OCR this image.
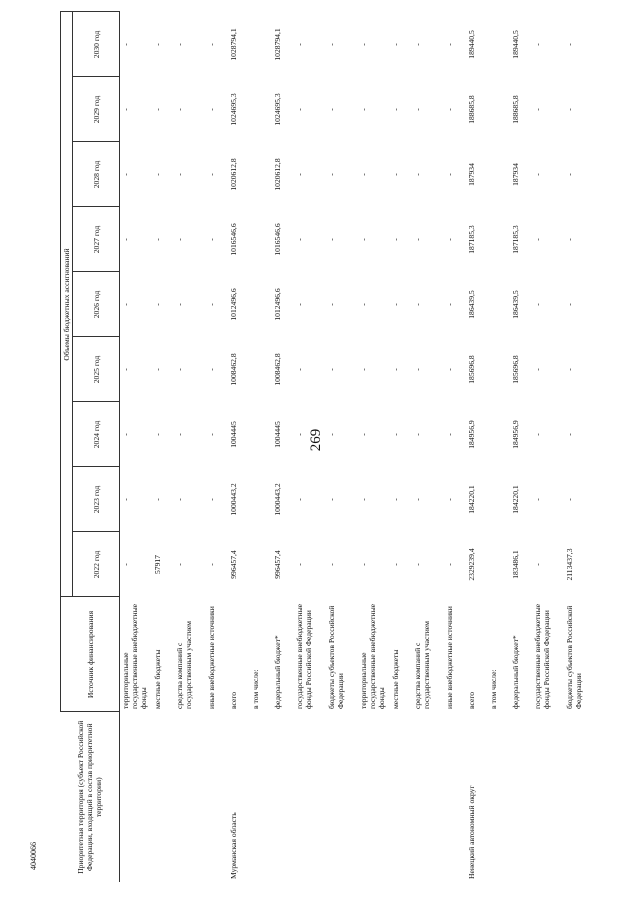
269
4040066	Приоритетная территория (субъект Российской Федерации, входящий в состав приоритетной территории)	Источник финансирования	Объемы бюджетных ассигнований								
		2022 год	2023 год	2024 год	2025 год	2026 год	2027 год	2028 год	2029 год	2030 год
	территориальные государственные внебюджетные фонды	-	-	-	-	-	-	-	-	-
	местные бюджеты	57917	-	-	-	-	-	-	-	-
	средства компаний с государственным участием	-	-	-	-	-	-	-	-	-
	иные внебюджетные источники	-	-	-	-	-	-	-	-	-
Мурманская область	всего	996457,4	1000443,2	1004445	1008462,8	1012496,6	1016546,6	1020612,8	1024695,3	1028794,1
	в том числе:									
	федеральный бюджет*	996457,4	1000443,2	1004445	1008462,8	1012496,6	1016546,6	1020612,8	1024695,3	1028794,1
	государственные внебюджетные фонды Российской Федерации	-	-	-	-	-	-	-	-	-
	бюджеты субъектов Российской Федерации	-	-	-	-	-	-	-	-	-
	территориальные государственные внебюджетные фонды	-	-	-	-	-	-	-	-	-
	местные бюджеты	-	-	-	-	-	-	-	-	-
	средства компаний с государственным участием	-	-	-	-	-	-	-	-	-
	иные внебюджетные источники	-	-	-	-	-	-	-	-	-
Ненецкий автономный округ	всего	2329239,4	184220,1	184956,9	185696,8	186439,5	187185,3	187934	188685,8	189440,5
	в том числе:									
	федеральный бюджет*	183486,1	184220,1	184956,9	185696,8	186439,5	187185,3	187934	188685,8	189440,5
	государственные внебюджетные фонды Российской Федерации	-	-	-	-	-	-	-	-	-
	бюджеты субъектов Российской Федерации	2113437,3	-	-	-	-	-	-	-	-
